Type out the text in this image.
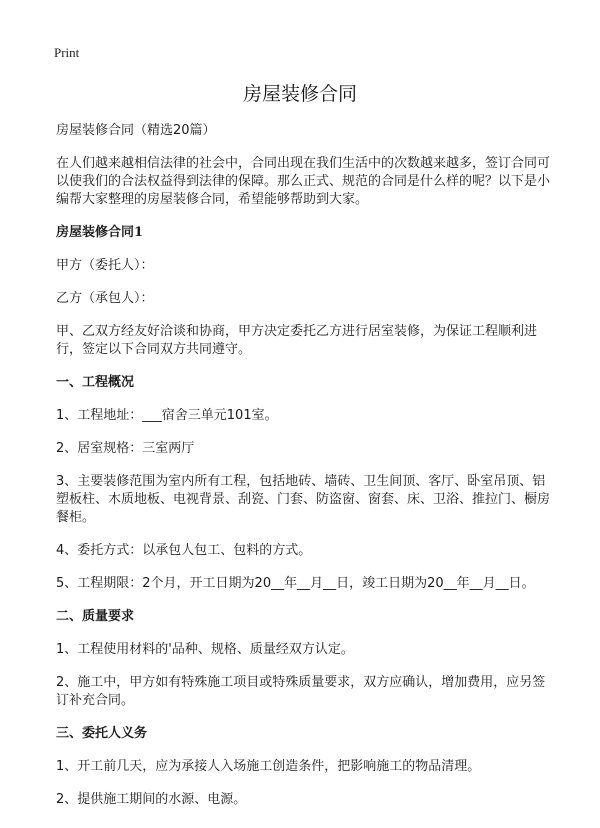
Print
房屋装修合同

房屋装修合同（精选20篇）

在人们越来越相信法律的社会中，合同出现在我们生活中的次数越来越多，签订合同可以使我们的合法权益得到法律的保障。那么正式、规范的合同是什么样的呢？以下是小编帮大家整理的房屋装修合同，希望能够帮助到大家。

房屋装修合同1

甲方（委托人）：

乙方（承包人）：

甲、乙双方经友好洽谈和协商，甲方决定委托乙方进行居室装修，为保证工程顺利进行，签定以下合同双方共同遵守。

一、工程概况

1、工程地址：___宿舍三单元101室。

2、居室规格：三室两厅

3、主要装修范围为室内所有工程，包括地砖、墙砖、卫生间顶、客厅、卧室吊顶、铝塑板柱、木质地板、电视背景、刮瓷、门套、防盗窗、窗套、床、卫浴、推拉门、橱房餐柜。

4、委托方式：以承包人包工、包料的方式。

5、工程期限：2个月，开工日期为20__年__月__日，竣工日期为20__年__月__日。

二、质量要求

1、工程使用材料的'品种、规格、质量经双方认定。

2、施工中，甲方如有特殊施工项目或特殊质量要求，双方应确认，增加费用，应另签订补充合同。

三、委托人义务

1、开工前几天，应为承接人入场施工创造条件，把影响施工的物品清理。

2、提供施工期间的水源、电源。
